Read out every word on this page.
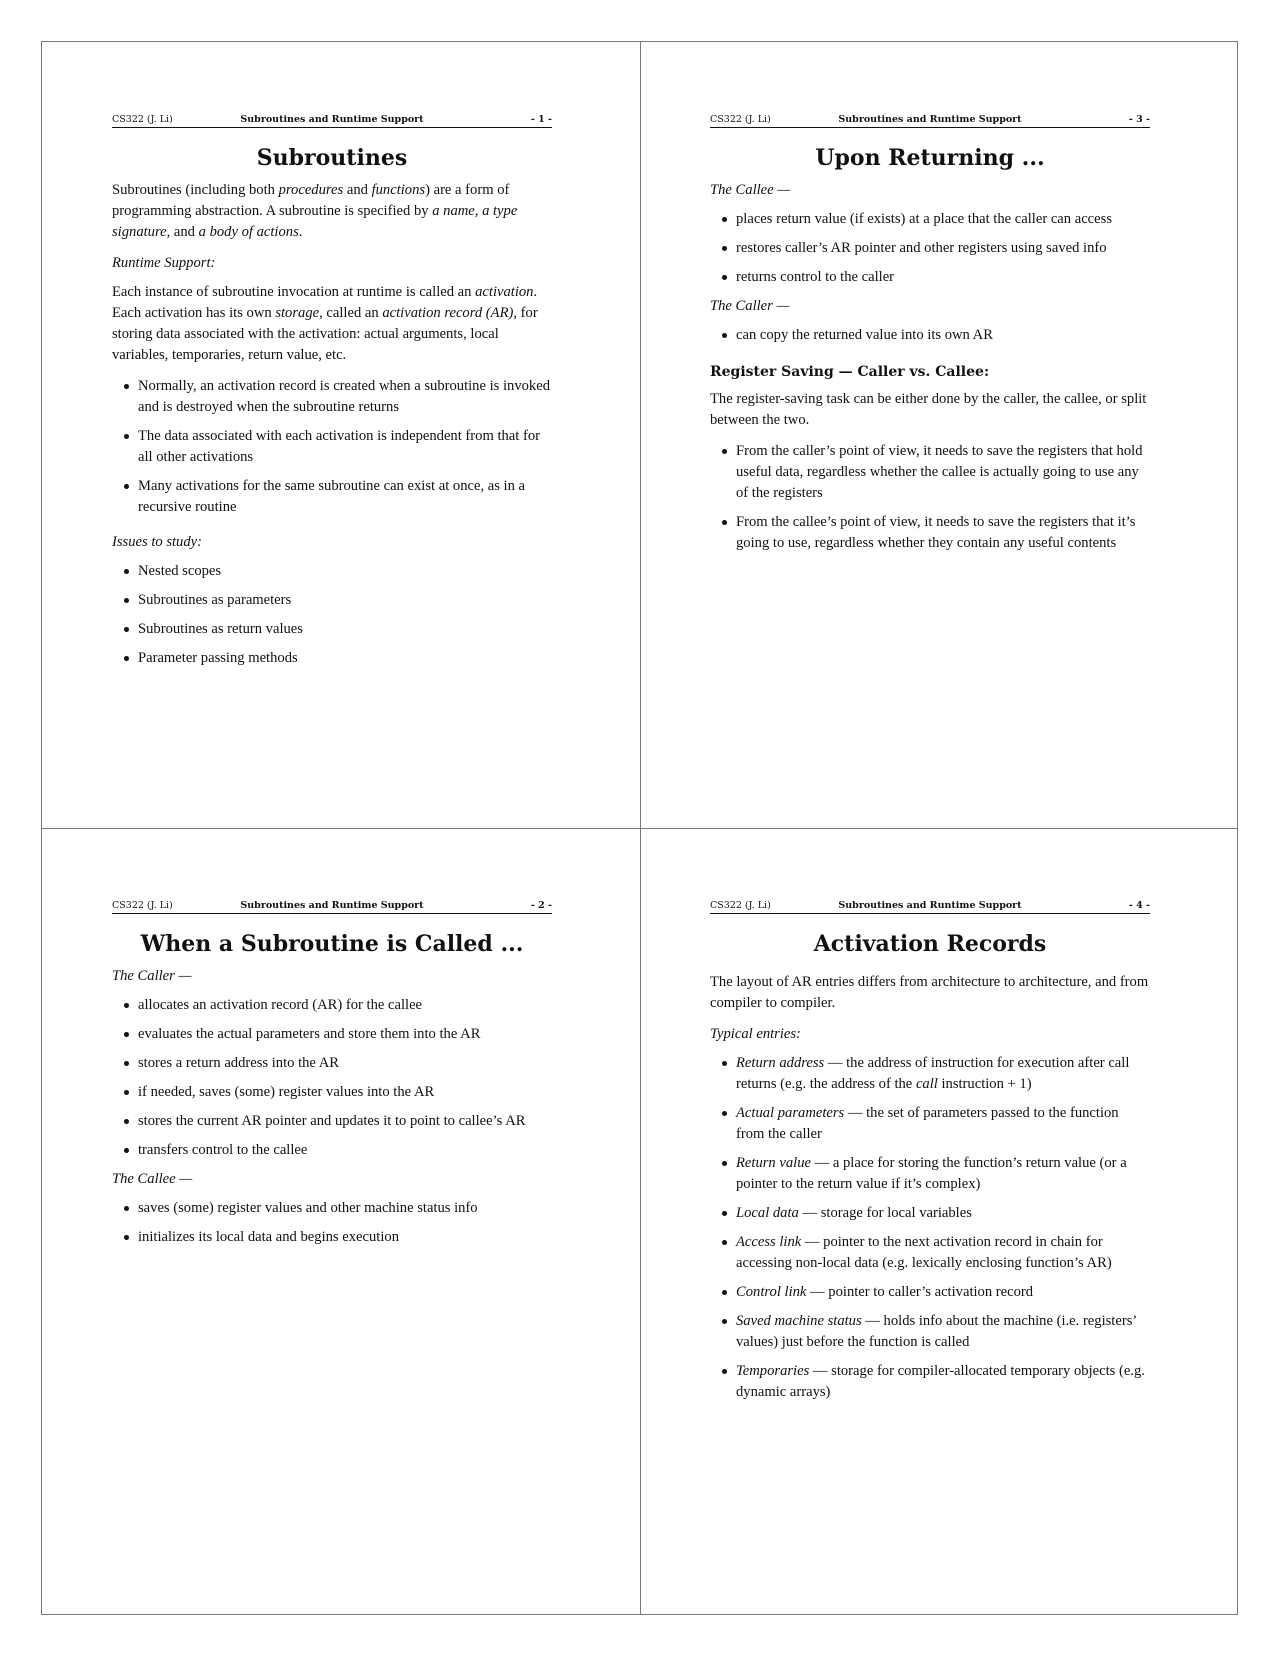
CS322 (J. Li)	Subroutines and Runtime Support	- 1 -
Subroutines

Subroutines (including both procedures and functions) are a form of programming abstraction. A subroutine is specified by a name, a type signature, and a body of actions.

Runtime Support:

Each instance of subroutine invocation at runtime is called an activation. Each activation has its own storage, called an activation record (AR), for storing data associated with the activation: actual arguments, local variables, temporaries, return value, etc.

Normally, an activation record is created when a subroutine is invoked and is destroyed when the subroutine returns
The data associated with each activation is independent from that for all other activations
Many activations for the same subroutine can exist at once, as in a recursive routine

Issues to study:

Nested scopes
Subroutines as parameters
Subroutines as return values
Parameter passing methods
CS322 (J. Li)	Subroutines and Runtime Support	- 3 -
Upon Returning ...

The Callee —

places return value (if exists) at a place that the caller can access
restores caller’s AR pointer and other registers using saved info
returns control to the caller

The Caller —

can copy the returned value into its own AR

Register Saving — Caller vs. Callee:

The register-saving task can be either done by the caller, the callee, or split between the two.

From the caller’s point of view, it needs to save the registers that hold useful data, regardless whether the callee is actually going to use any of the registers
From the callee’s point of view, it needs to save the registers that it’s going to use, regardless whether they contain any useful contents
CS322 (J. Li)	Subroutines and Runtime Support	- 2 -
When a Subroutine is Called ...

The Caller —

allocates an activation record (AR) for the callee
evaluates the actual parameters and store them into the AR
stores a return address into the AR
if needed, saves (some) register values into the AR
stores the current AR pointer and updates it to point to callee’s AR
transfers control to the callee

The Callee —

saves (some) register values and other machine status info
initializes its local data and begins execution
CS322 (J. Li)	Subroutines and Runtime Support	- 4 -
Activation Records

The layout of AR entries differs from architecture to architecture, and from compiler to compiler.

Typical entries:

Return address — the address of instruction for execution after call returns (e.g. the address of the call instruction + 1)
Actual parameters — the set of parameters passed to the function from the caller
Return value — a place for storing the function’s return value (or a pointer to the return value if it’s complex)
Local data — storage for local variables
Access link — pointer to the next activation record in chain for accessing non-local data (e.g. lexically enclosing function’s AR)
Control link — pointer to caller’s activation record
Saved machine status — holds info about the machine (i.e. registers’ values) just before the function is called
Temporaries — storage for compiler-allocated temporary objects (e.g. dynamic arrays)
